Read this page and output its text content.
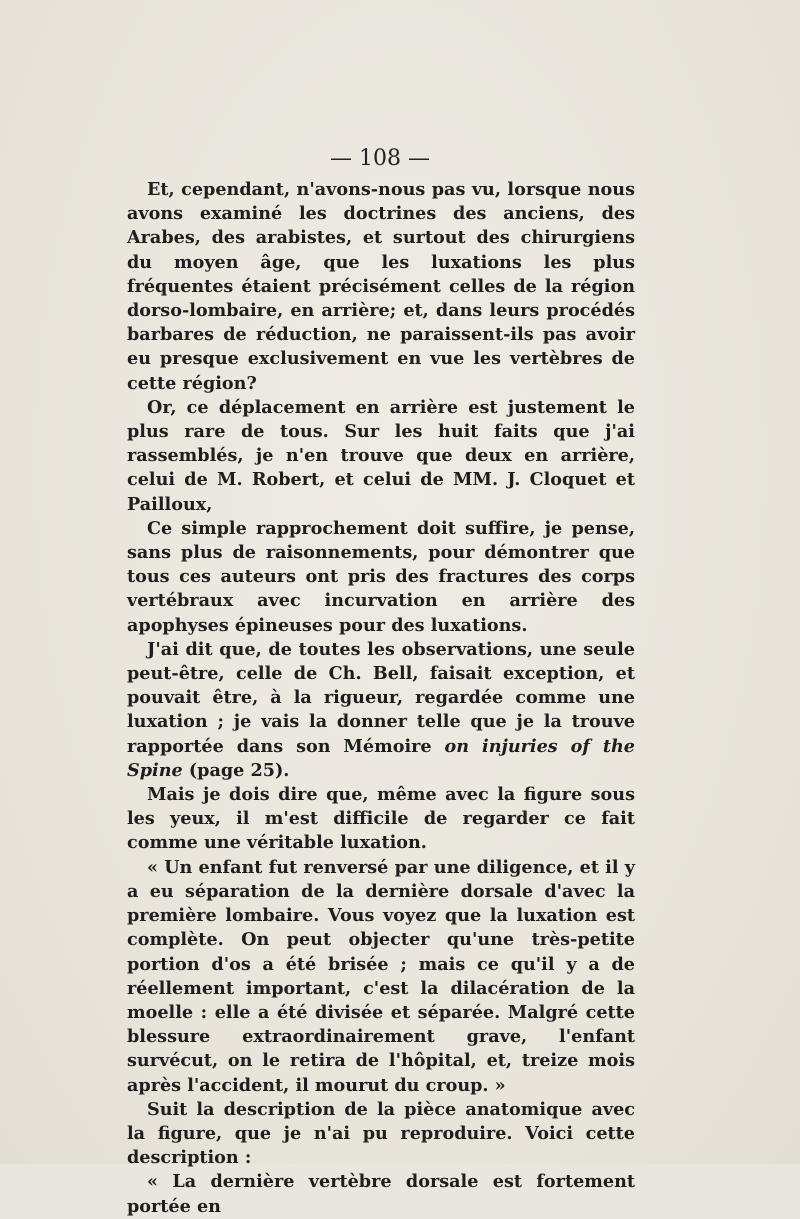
— 108 —

Et, cependant, n'avons-nous pas vu, lorsque nous avons examiné les doctrines des anciens, des Arabes, des arabistes, et surtout des chirurgiens du moyen âge, que les luxations les plus fréquentes étaient précisément celles de la région dorso-lombaire, en arrière; et, dans leurs procédés barbares de réduction, ne paraissent-ils pas avoir eu presque exclusivement en vue les vertèbres de cette région?

Or, ce déplacement en arrière est justement le plus rare de tous. Sur les huit faits que j'ai rassemblés, je n'en trouve que deux en arrière, celui de M. Robert, et celui de MM. J. Cloquet et Pailloux,

Ce simple rapprochement doit suffire, je pense, sans plus de raisonnements, pour démontrer que tous ces auteurs ont pris des fractures des corps vertébraux avec incurvation en arrière des apophyses épineuses pour des luxations.

J'ai dit que, de toutes les observations, une seule peut-être, celle de Ch. Bell, faisait exception, et pouvait être, à la rigueur, regardée comme une luxation ; je vais la donner telle que je la trouve rapportée dans son Mémoire on injuries of the Spine (page 25).

Mais je dois dire que, même avec la figure sous les yeux, il m'est difficile de regarder ce fait comme une véritable luxation.

« Un enfant fut renversé par une diligence, et il y a eu séparation de la dernière dorsale d'avec la première lombaire. Vous voyez que la luxation est complète. On peut objecter qu'une très-petite portion d'os a été brisée ; mais ce qu'il y a de réellement important, c'est la dilacération de la moelle : elle a été divisée et séparée. Malgré cette blessure extraordinairement grave, l'enfant survécut, on le retira de l'hôpital, et, treize mois après l'accident, il mourut du croup. »

Suit la description de la pièce anatomique avec la figure, que je n'ai pu reproduire. Voici cette description :

« La dernière vertèbre dorsale est fortement portée en
